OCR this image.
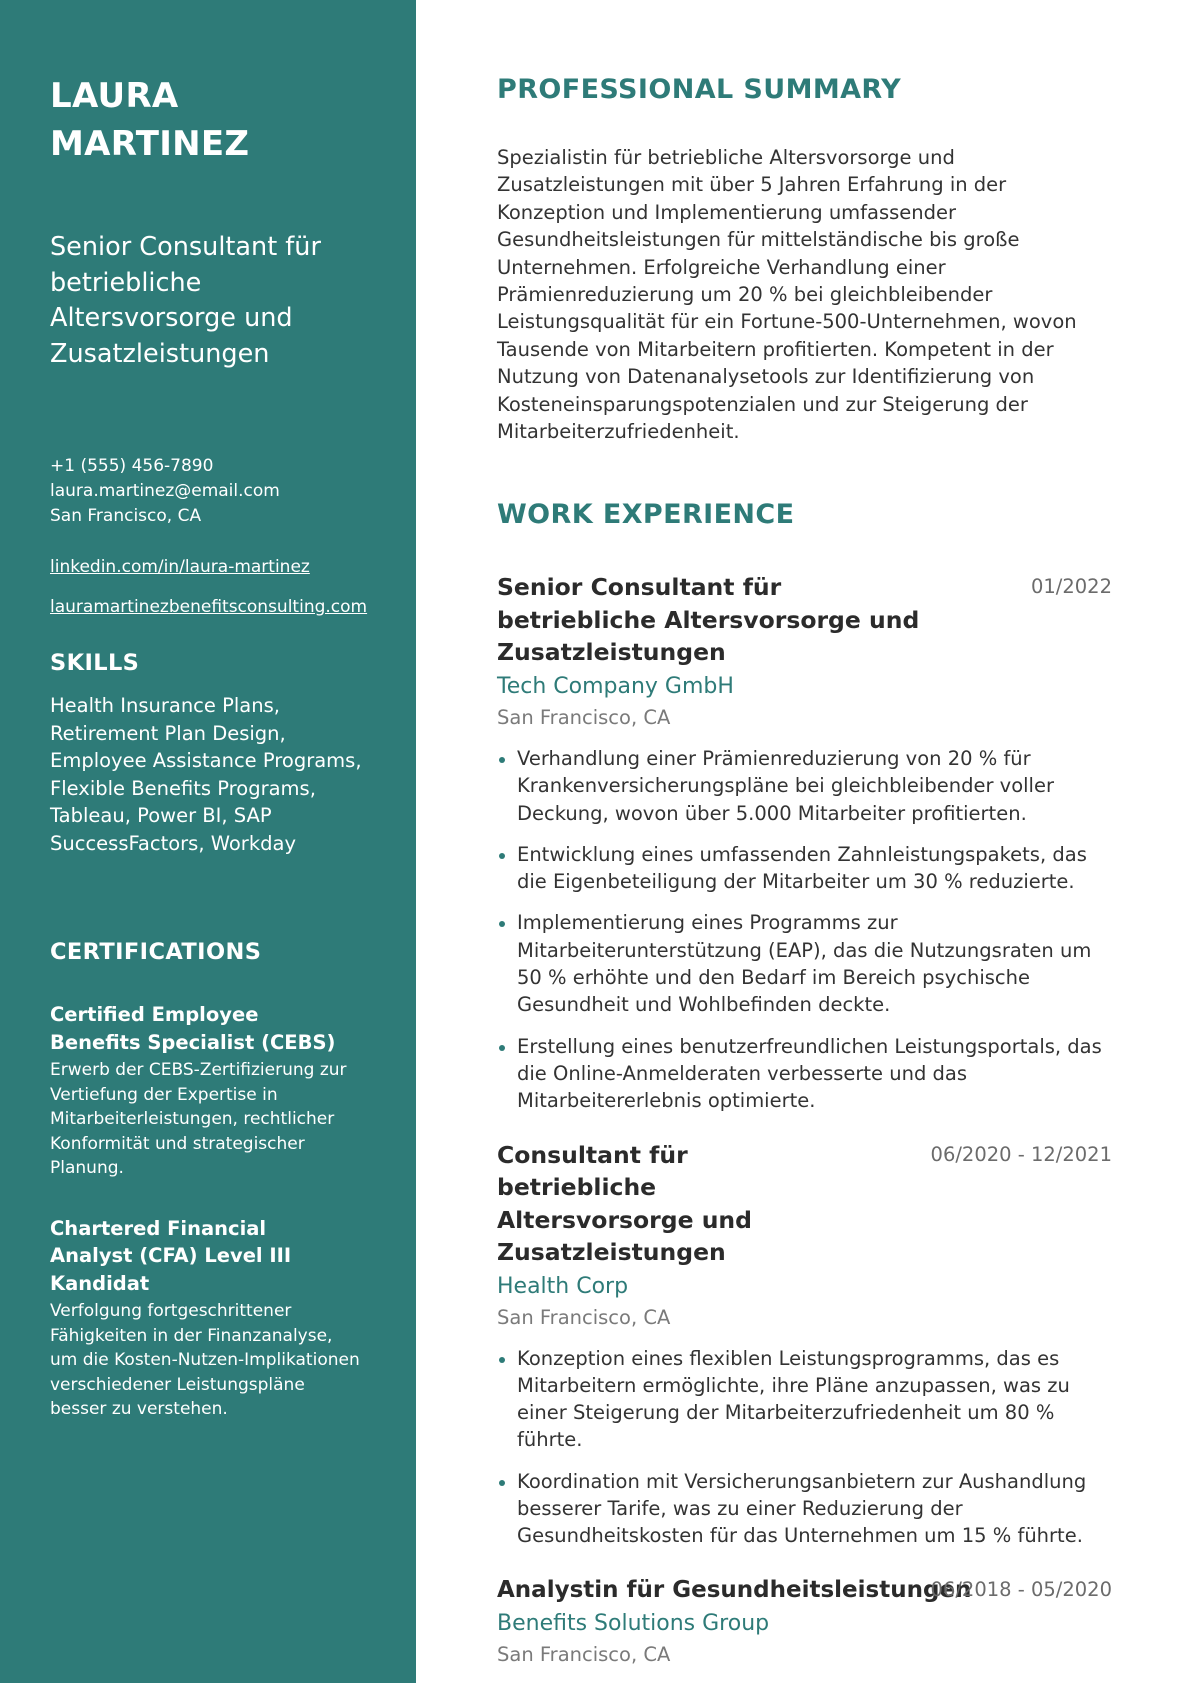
LAURA MARTINEZ
Senior Consultant für betriebliche Altersvorsorge und Zusatzleistungen
+1 (555) 456-7890
laura.martinez@email.com
San Francisco, CA
linkedin.com/in/laura-martinez
lauramartinezbenefitsconsulting.com
SKILLS
Health Insurance Plans, Retirement Plan Design, Employee Assistance Programs, Flexible Benefits Programs, Tableau, Power BI, SAP SuccessFactors, Workday
CERTIFICATIONS
Certified Employee Benefits Specialist (CEBS)
Erwerb der CEBS-Zertifizierung zur Vertiefung der Expertise in Mitarbeiterleistungen, rechtlicher Konformität und strategischer Planung.
Chartered Financial Analyst (CFA) Level III Kandidat
Verfolgung fortgeschrittener Fähigkeiten in der Finanzanalyse, um die Kosten-Nutzen-Implikationen verschiedener Leistungspläne besser zu verstehen.
PROFESSIONAL SUMMARY

Spezialistin für betriebliche Altersvorsorge und Zusatzleistungen mit über 5 Jahren Erfahrung in der Konzeption und Implementierung umfassender Gesundheitsleistungen für mittelständische bis große Unternehmen. Erfolgreiche Verhandlung einer Prämienreduzierung um 20 % bei gleichbleibender Leistungsqualität für ein Fortune-500-Unternehmen, wovon Tausende von Mitarbeitern profitierten. Kompetent in der Nutzung von Datenanalysetools zur Identifizierung von Kosteneinsparungspotenzialen und zur Steigerung der Mitarbeiterzufriedenheit.

WORK EXPERIENCE
Senior Consultant für betriebliche Altersvorsorge und Zusatzleistungen
01/2022
Tech Company GmbH
San Francisco, CA
Verhandlung einer Prämienreduzierung von 20 % für Krankenversicherungspläne bei gleichbleibender voller Deckung, wovon über 5.000 Mitarbeiter profitierten.
Entwicklung eines umfassenden Zahnleistungspakets, das die Eigenbeteiligung der Mitarbeiter um 30 % reduzierte.
Implementierung eines Programms zur Mitarbeiterunterstützung (EAP), das die Nutzungsraten um 50 % erhöhte und den Bedarf im Bereich psychische Gesundheit und Wohlbefinden deckte.
Erstellung eines benutzerfreundlichen Leistungsportals, das die Online-Anmelderaten verbesserte und das Mitarbeitererlebnis optimierte.
Consultant für betriebliche Altersvorsorge und Zusatzleistungen
06/2020 - 12/2021
Health Corp
San Francisco, CA
Konzeption eines flexiblen Leistungsprogramms, das es Mitarbeitern ermöglichte, ihre Pläne anzupassen, was zu einer Steigerung der Mitarbeiterzufriedenheit um 80 % führte.
Koordination mit Versicherungsanbietern zur Aushandlung besserer Tarife, was zu einer Reduzierung der Gesundheitskosten für das Unternehmen um 15 % führte.
Analystin für Gesundheitsleistungen
06/2018 - 05/2020
Benefits Solutions Group
San Francisco, CA
